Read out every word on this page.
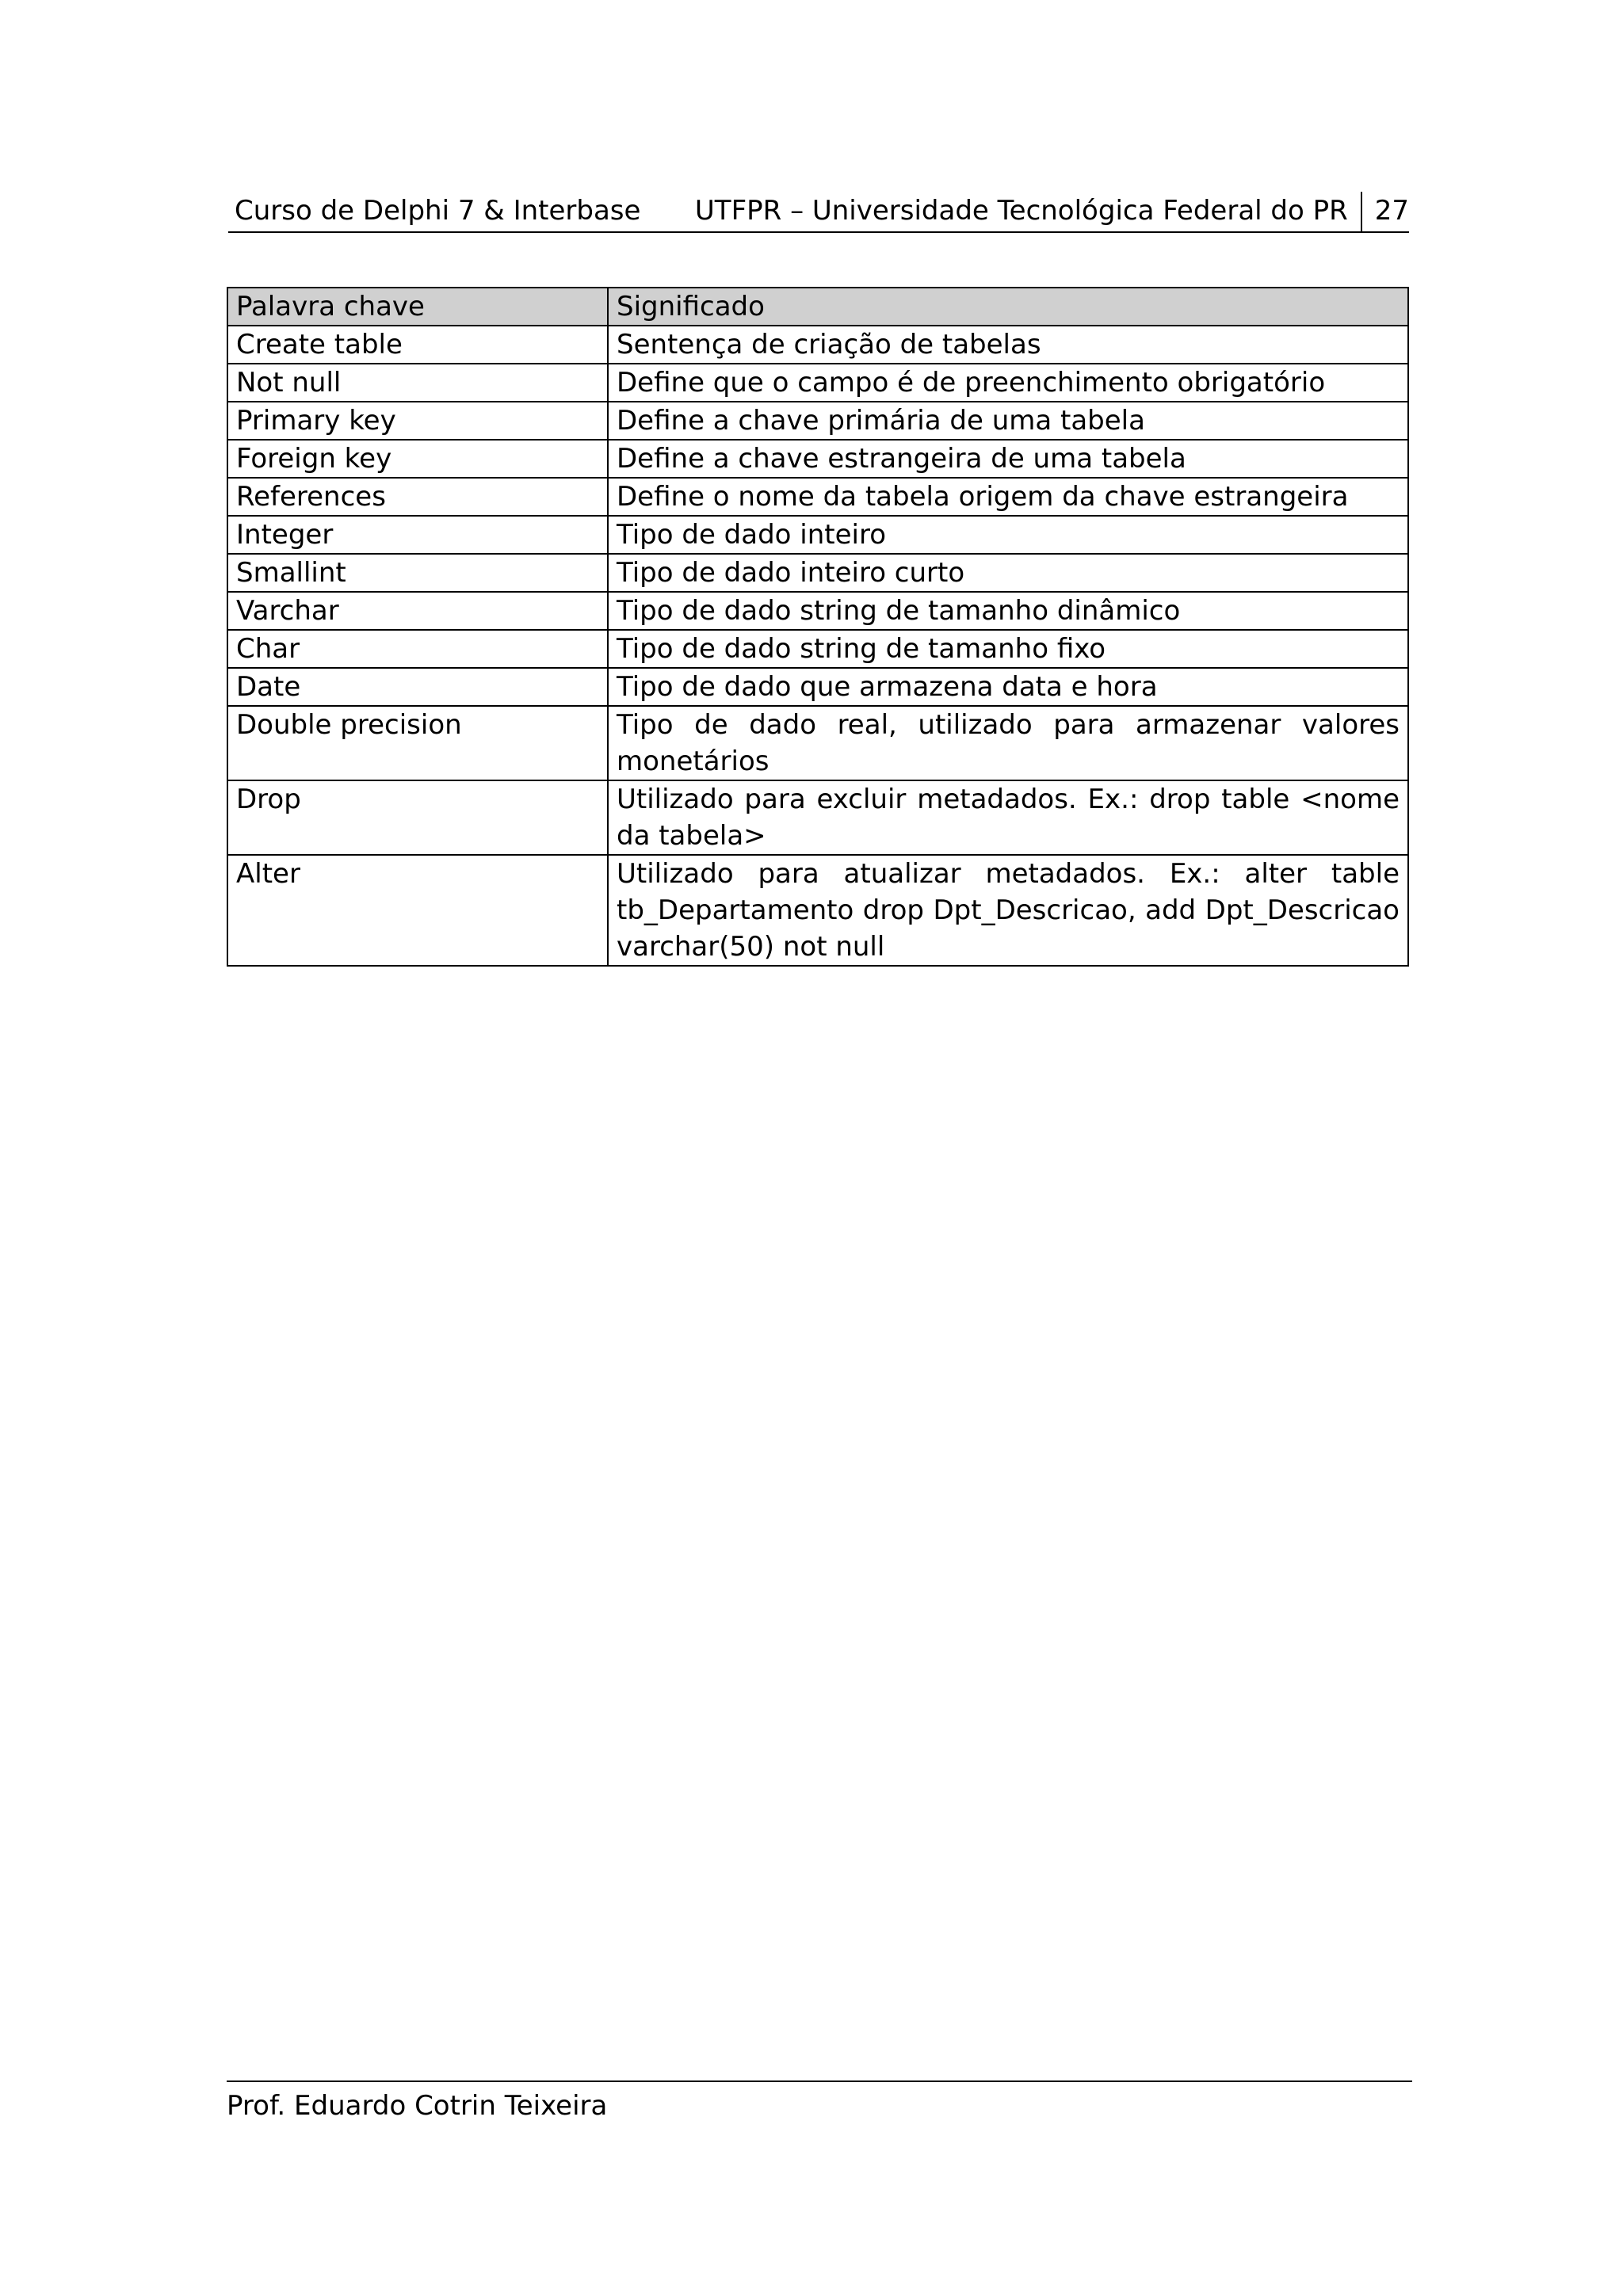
Curso de Delphi 7 & Interbase UTFPR – Universidade Tecnológica Federal do PR 27
Palavra chave	Significado
Create table	Sentença de criação de tabelas
Not null	Define que o campo é de preenchimento obrigatório
Primary key	Define a chave primária de uma tabela
Foreign key	Define a chave estrangeira de uma tabela
References	Define o nome da tabela origem da chave estrangeira
Integer	Tipo de dado inteiro
Smallint	Tipo de dado inteiro curto
Varchar	Tipo de dado string de tamanho dinâmico
Char	Tipo de dado string de tamanho fixo
Date	Tipo de dado que armazena data e hora
Double precision	Tipo de dado real, utilizado para armazenar valores monetários
Drop	Utilizado para excluir metadados. Ex.: drop table <nome da tabela>
Alter	Utilizado para atualizar metadados. Ex.: alter table tb_Departamento drop Dpt_Descricao, add Dpt_Descricao varchar(50) not null
Prof. Eduardo Cotrin Teixeira
